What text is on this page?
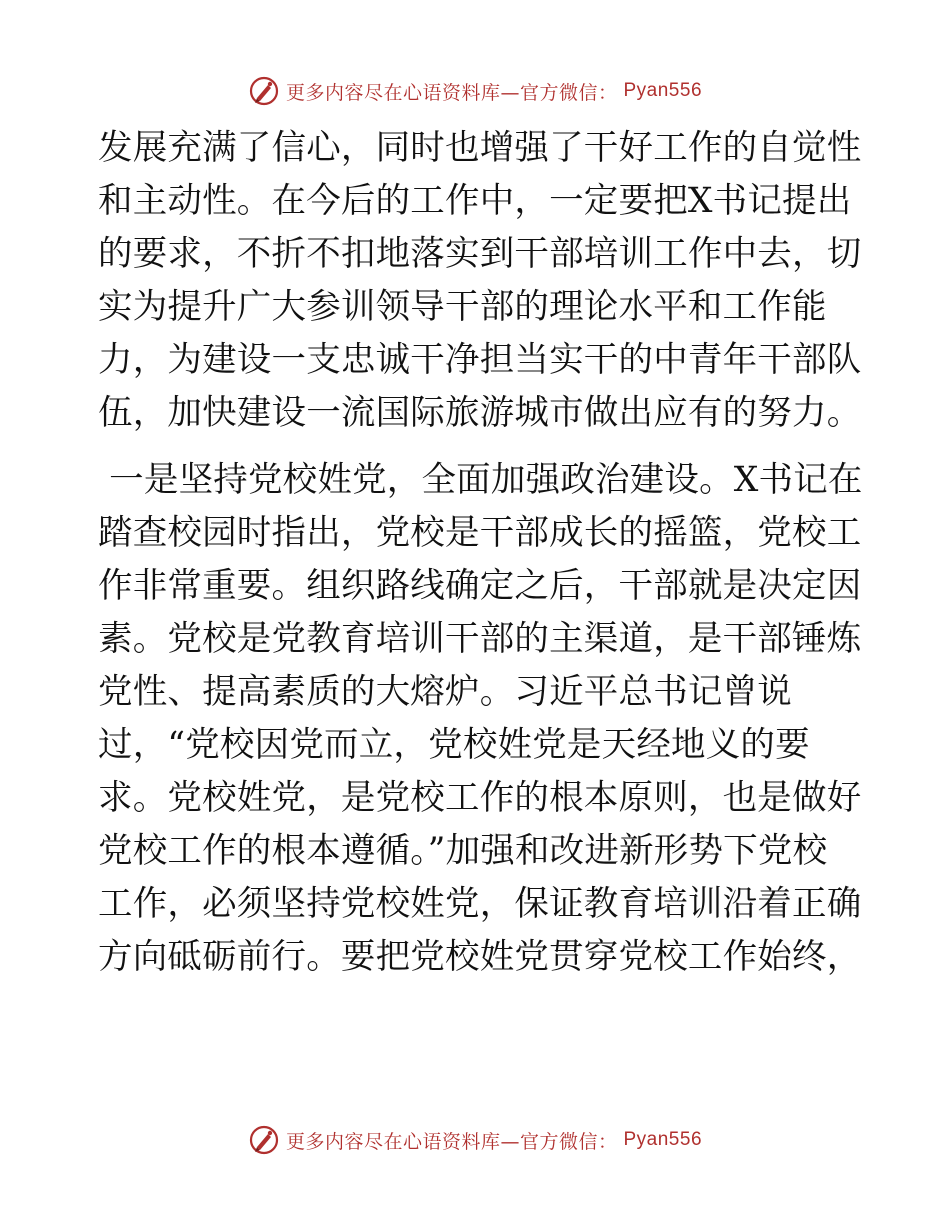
更多内容尽在心语资料库—官方微信： Pyan556
发展充满了信心，同时也增强了干好工作的自觉性
和主动性。在今后的工作中，一定要把X书记提出
的要求，不折不扣地落实到干部培训工作中去，切
实为提升广大参训领导干部的理论水平和工作能
力，为建设一支忠诚干净担当实干的中青年干部队
伍，加快建设一流国际旅游城市做出应有的努力。
一是坚持党校姓党，全面加强政治建设。X书记在
踏查校园时指出，党校是干部成长的摇篮，党校工
作非常重要。组织路线确定之后，干部就是决定因
素。党校是党教育培训干部的主渠道，是干部锤炼
党性、提高素质的大熔炉。习近平总书记曾说
过，“党校因党而立，党校姓党是天经地义的要
求。党校姓党，是党校工作的根本原则，也是做好
党校工作的根本遵循。”加强和改进新形势下党校
工作，必须坚持党校姓党，保证教育培训沿着正确
方向砥砺前行。要把党校姓党贯穿党校工作始终，
更多内容尽在心语资料库—官方微信： Pyan556
